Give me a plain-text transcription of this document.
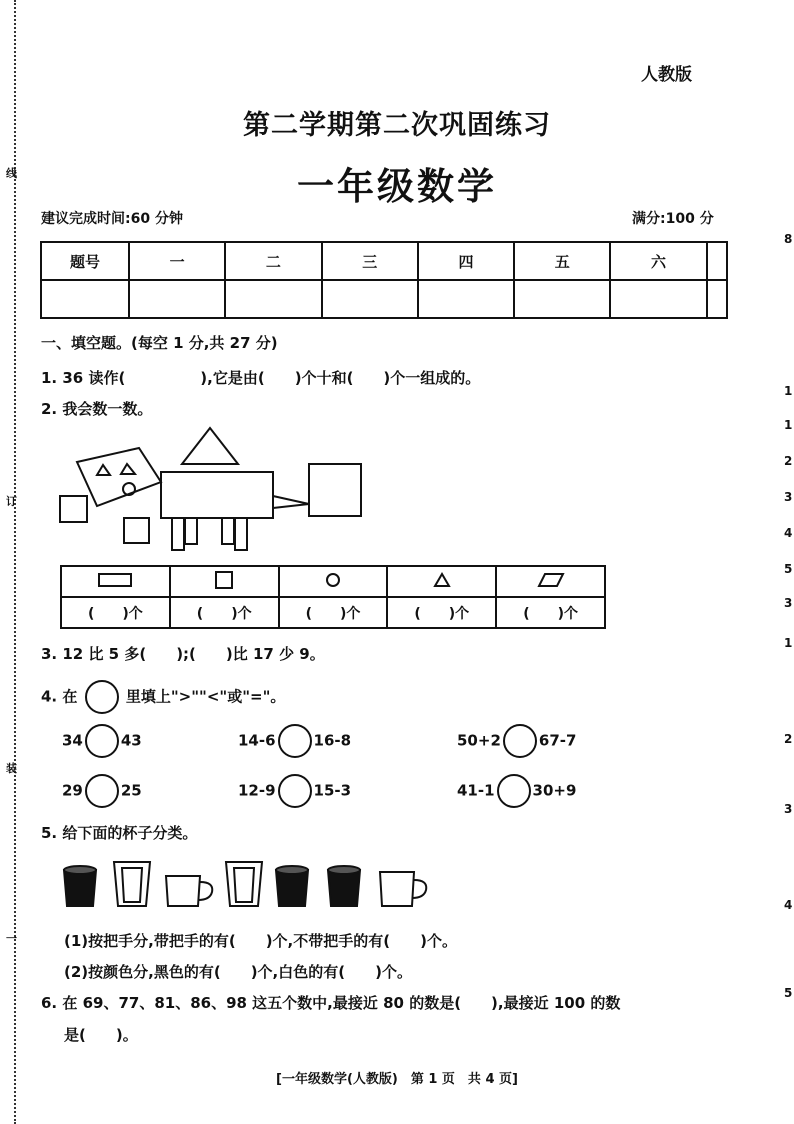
线
订
装
一
8
1
1
2
3
4
5
3
1
2
3
4
5
人教版
第二学期第二次巩固练习
一年级数学
建议完成时间:60 分钟	满分:100 分
题号	一	二	三	四	五	六	

一、填空题。(每空 1 分,共 27 分)
1. 36 读作(　　　　　),它是由(　　)个十和(　　)个一组成的。
2. 我会数一数。

(　　)个	(　　)个	(　　)个	(　　)个	(　　)个
3. 12 比 5 多(　　);(　　)比 17 少 9。
4. 在	里填上">""<"或"="。
34	43	14-6	16-8	50+2	67-7
29	25	12-9	15-3	41-1	30+9
5. 给下面的杯子分类。
(1)按把手分,带把手的有(　　)个,不带把手的有(　　)个。
(2)按颜色分,黑色的有(　　)个,白色的有(　　)个。
6. 在 69、77、81、86、98 这五个数中,最接近 80 的数是(　　),最接近 100 的数
是(　　)。
[一年级数学(人教版)　第 1 页　共 4 页]
